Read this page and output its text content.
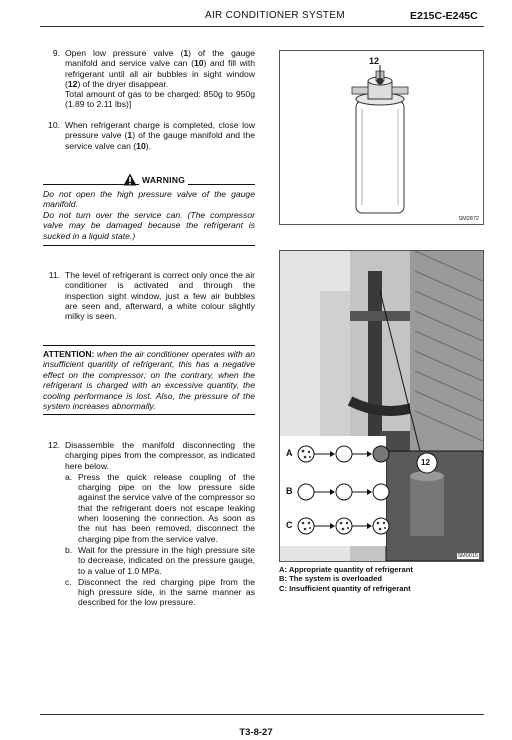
AIR CONDITIONER SYSTEM	E215C-E245C
9. Open low pressure valve (1) of the gauge manifold and service valve can (10) and fill with refrigerant until all air bubbles in sight window (12) of the dryer disappear.
Total amount of gas to be charged: 850g to 950g (1.89 to 2.11 lbs)]
10. When refrigerant charge is completed, close low pressure valve (1) of the gauge manifold and the service valve can (10).
WARNING
Do not open the high pressure valve of the gauge manifold.
Do not turn over the service can. (The compressor valve may be damaged because the refrigerant is sucked in a liquid state.)
11. The level of refrigerant is correct only once the air conditioner is activated and through the inspection sight window, just a few air bubbles are seen and, afterward, a white colour slightly milky is seen.
ATTENTION: when the air conditioner operates with an insufficient quantity of refrigerant, this has a negative effect on the compressor; on the contrary, when the refrigerant is charged with an excessive quantity, the cooling performance is lost. Also, the pressure of the system increases abnormally.
12. Disassemble the manifold disconnecting the charging pipes from the compressor, as indicated here below.
a. Press the quick release coupling of the charging pipe on the low pressure side against the service valve of the compressor so that the refrigerant doers not escape leaking when loosening the connection. As soon as the nut has been removed, disconnect the charging pipe from the service valve.
b. Wait for the pressure in the high pressure site to decrease, indicated on the pressure gauge, to a value of 1.0 MPa.
c. Disconnect the red charging pipe from the high pressure side, in the same manner as described for the low pressure.
12
SM2872
A
B
C
12
SM0015
A: Appropriate quantity of refrigerant
B: The system is overloaded
C: Insufficient quantity of refrigerant
T3-8-27
